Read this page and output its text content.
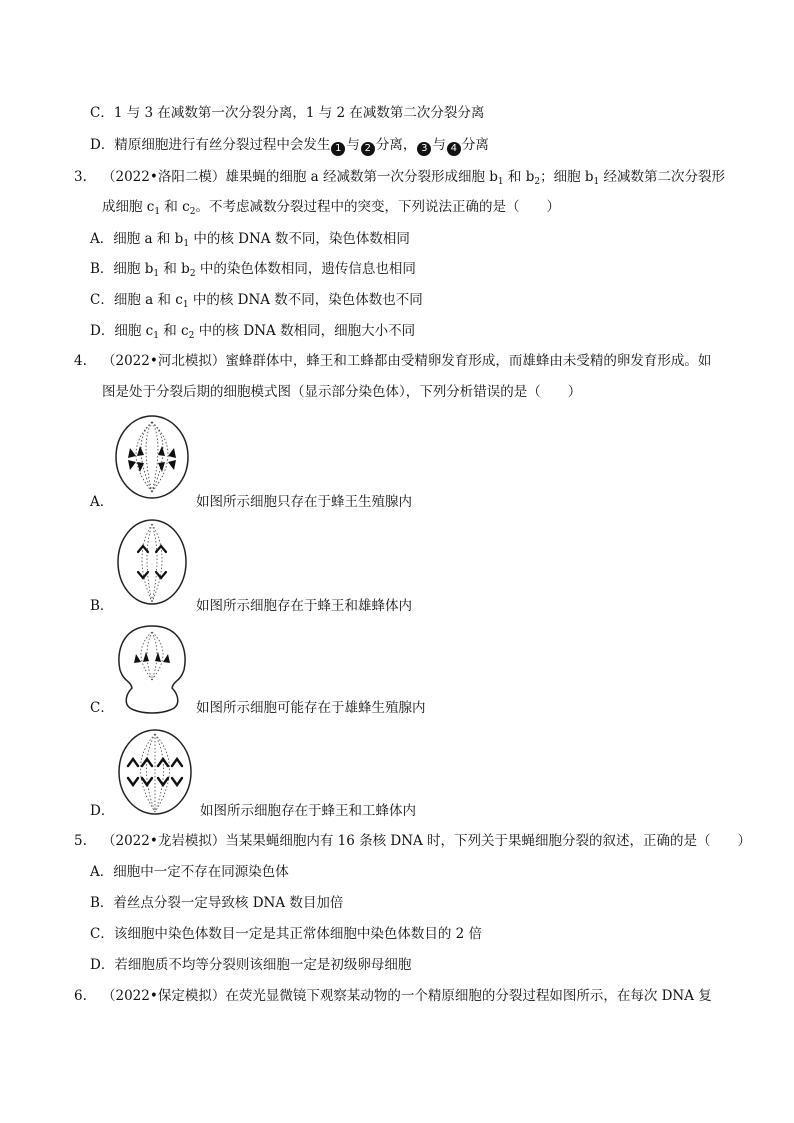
C．1 与 3 在减数第一次分裂分离，1 与 2 在减数第二次分裂分离
D．精原细胞进行有丝分裂过程中会发生 1 与 2 分离， 3 与 4 分离
3. （2022•洛阳二模）雄果蝇的细胞 a 经减数第一次分裂形成细胞 $b_1$ 和 $b_2$；细胞 $b_1$ 经减数第二次分裂形
成细胞 $c_1$ 和 $c_2$。不考虑减数分裂过程中的突变，下列说法正确的是（　　）
A．细胞 a 和 $b_1$ 中的核 DNA 数不同，染色体数相同
B．细胞 $b_1$ 和 $b_2$ 中的染色体数相同，遗传信息也相同
C．细胞 a 和 $c_1$ 中的核 DNA 数不同，染色体数也不同
D．细胞 $c_1$ 和 $c_2$ 中的核 DNA 数相同，细胞大小不同
4. （2022•河北模拟）蜜蜂群体中，蜂王和工蜂都由受精卵发育形成，而雄蜂由未受精的卵发育形成。如
图是处于分裂后期的细胞模式图（显示部分染色体），下列分析错误的是（　　）
A．	如图所示细胞只存在于蜂王生殖腺内
B．	如图所示细胞存在于蜂王和雄蜂体内
C．	如图所示细胞可能存在于雄蜂生殖腺内
D．	如图所示细胞存在于蜂王和工蜂体内
5. （2022•龙岩模拟）当某果蝇细胞内有 16 条核 DNA 时，下列关于果蝇细胞分裂的叙述，正确的是（　　）
A．细胞中一定不存在同源染色体
B．着丝点分裂一定导致核 DNA 数目加倍
C．该细胞中染色体数目一定是其正常体细胞中染色体数目的 2 倍
D．若细胞质不均等分裂则该细胞一定是初级卵母细胞
6. （2022•保定模拟）在荧光显微镜下观察某动物的一个精原细胞的分裂过程如图所示，在每次 DNA 复
